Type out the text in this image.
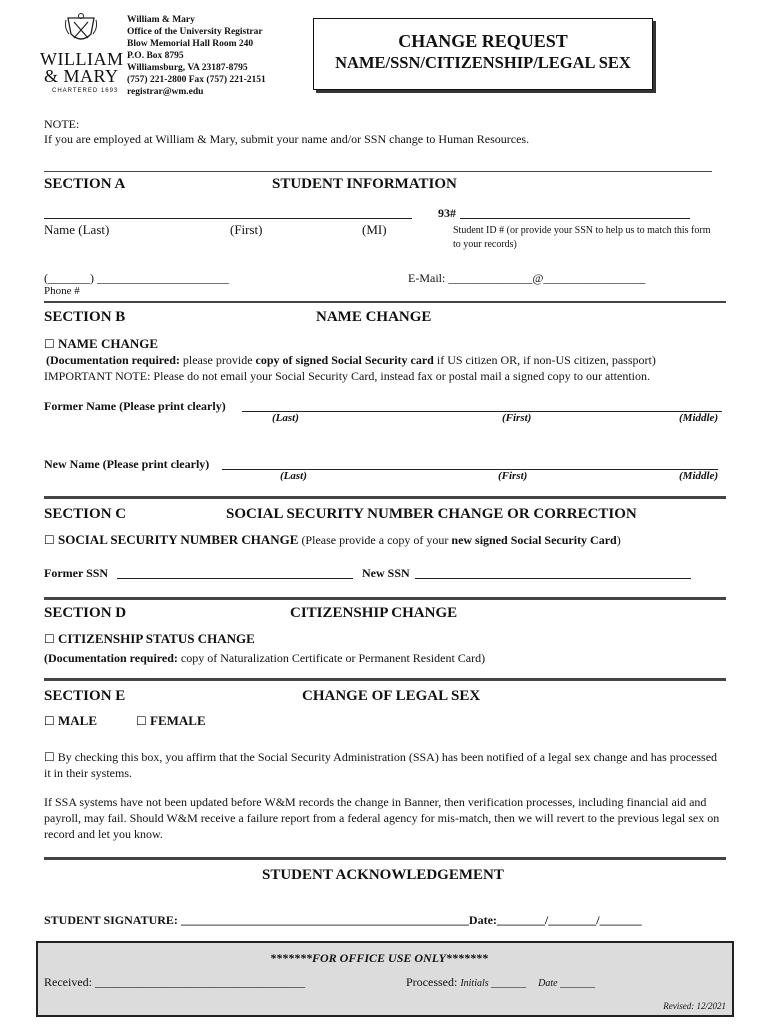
WILLIAM
& MARY
CHARTERED 1693
William & Mary
Office of the University Registrar
Blow Memorial Hall Room 240
P.O. Box 8795
Williamsburg, VA 23187-8795
(757) 221-2800 Fax (757) 221-2151
registrar@wm.edu
CHANGE REQUEST
NAME/SSN/CITIZENSHIP/LEGAL SEX
NOTE:
If you are employed at William & Mary, submit your name and/or SSN change to Human Resources.
SECTION A	STUDENT INFORMATION
Name (Last)	(First)	(MI)
93#
Student ID # (or provide your SSN to help us to match this form to your records)
(_______) ______________________
Phone #
E-Mail: ______________@_________________
SECTION B	NAME CHANGE
☐ NAME CHANGE
(Documentation required: please provide copy of signed Social Security card if US citizen OR, if non-US citizen, passport)
IMPORTANT NOTE: Please do not email your Social Security Card, instead fax or postal mail a signed copy to our attention.
Former Name (Please print clearly)
(Last)	(First)	(Middle)
New Name (Please print clearly)
(Last)	(First)	(Middle)
SECTION C	SOCIAL SECURITY NUMBER CHANGE OR CORRECTION
☐ SOCIAL SECURITY NUMBER CHANGE (Please provide a copy of your new signed Social Security Card)
Former SSN	New SSN
SECTION D	CITIZENSHIP CHANGE
☐ CITIZENSHIP STATUS CHANGE
(Documentation required: copy of Naturalization Certificate or Permanent Resident Card)
SECTION E	CHANGE OF LEGAL SEX
☐ MALE	☐ FEMALE
☐ By checking this box, you affirm that the Social Security Administration (SSA) has been notified of a legal sex change and has processed it in their systems.
If SSA systems have not been updated before W&M records the change in Banner, then verification processes, including financial aid and payroll, may fail. Should W&M receive a failure report from a federal agency for mis-match, then we will revert to the previous legal sex on record and let you know.
STUDENT ACKNOWLEDGEMENT
STUDENT SIGNATURE: ________________________________________________Date:________/________/_______
*******FOR OFFICE USE ONLY*******
Received: ___________________________________	Processed: Initials _______ Date _______
Revised: 12/2021
